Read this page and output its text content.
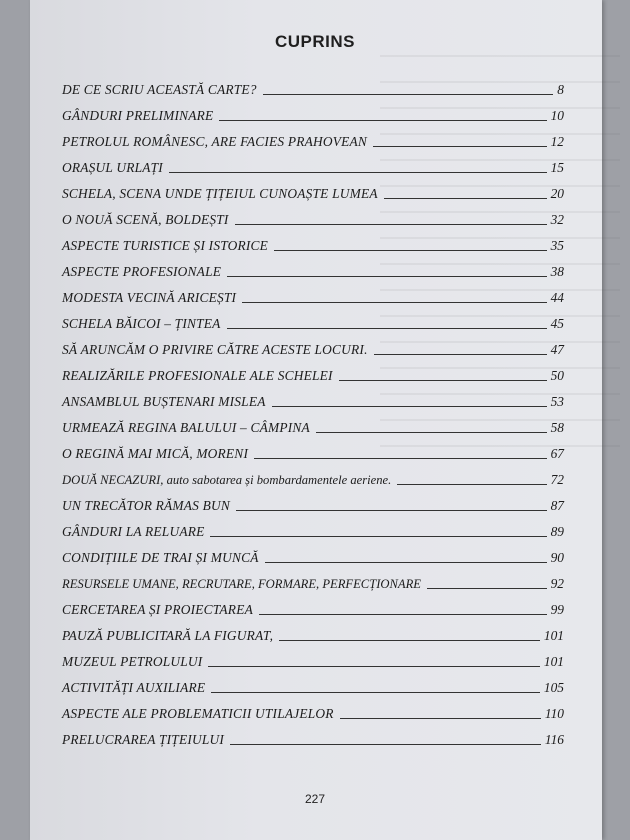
CUPRINS
DE CE SCRIU ACEASTĂ CARTE?	8
GÂNDURI PRELIMINARE	10
PETROLUL ROMÂNESC, ARE FACIES PRAHOVEAN	12
ORAȘUL URLAȚI	15
SCHELA, SCENA UNDE ȚIȚEIUL CUNOAȘTE LUMEA	20
O NOUĂ SCENĂ, BOLDEȘTI	32
ASPECTE TURISTICE ȘI ISTORICE	35
ASPECTE PROFESIONALE	38
MODESTA VECINĂ ARICEȘTI	44
SCHELA BĂICOI – ȚINTEA	45
SĂ ARUNCĂM O PRIVIRE CĂTRE ACESTE LOCURI.	47
REALIZĂRILE PROFESIONALE ALE SCHELEI	50
ANSAMBLUL BUȘTENARI MISLEA	53
URMEAZĂ REGINA BALULUI – CÂMPINA	58
O REGINĂ MAI MICĂ, MORENI	67
DOUĂ NECAZURI, auto sabotarea și bombardamentele aeriene.	72
UN TRECĂTOR RĂMAS BUN	87
GÂNDURI LA RELUARE	89
CONDIȚIILE DE TRAI ȘI MUNCĂ	90
RESURSELE UMANE, RECRUTARE, FORMARE, PERFECȚIONARE	92
CERCETAREA ȘI PROIECTAREA	99
PAUZĂ PUBLICITARĂ LA FIGURAT,	101
MUZEUL PETROLULUI	101
ACTIVITĂȚI AUXILIARE	105
ASPECTE ALE PROBLEMATICII UTILAJELOR	110
PRELUCRAREA ȚIȚEIULUI	116
227
